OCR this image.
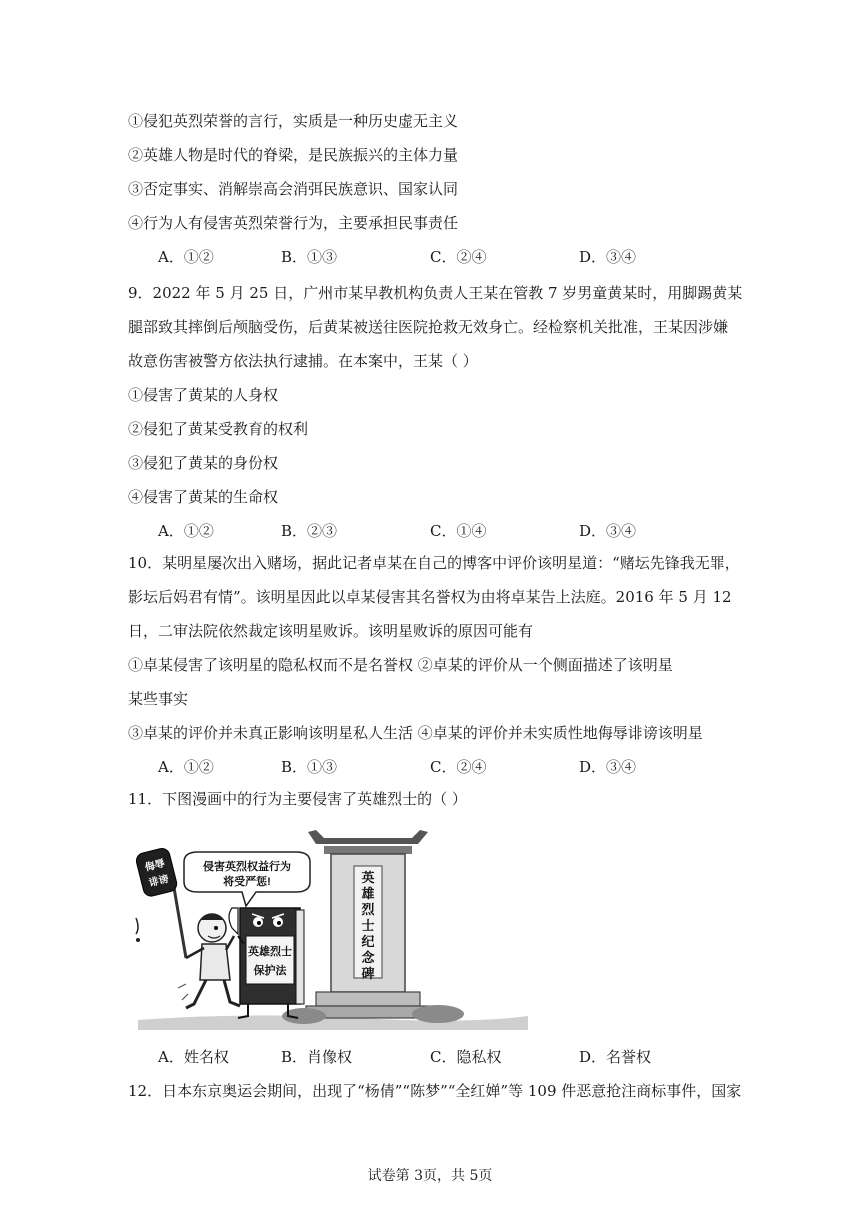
①侵犯英烈荣誉的言行，实质是一种历史虚无主义
②英雄人物是时代的脊梁，是民族振兴的主体力量
③否定事实、消解崇高会消弭民族意识、国家认同
④行为人有侵害英烈荣誉行为，主要承担民事责任
A．①②	B．①③	C．②④	D．③④
9．2022 年 5 月 25 日，广州市某早教机构负责人王某在管教 7 岁男童黄某时，用脚踢黄某
腿部致其摔倒后颅脑受伤，后黄某被送往医院抢救无效身亡。经检察机关批准，王某因涉嫌
故意伤害被警方依法执行逮捕。在本案中，王某（ ）
①侵害了黄某的人身权
②侵犯了黄某受教育的权利
③侵犯了黄某的身份权
④侵害了黄某的生命权
A．①②	B．②③	C．①④	D．③④
10．某明星屡次出入赌场，据此记者卓某在自己的博客中评价该明星道：“赌坛先锋我无罪，
影坛后妈君有情”。该明星因此以卓某侵害其名誉权为由将卓某告上法庭。2016 年 5 月 12
日，二审法院依然裁定该明星败诉。该明星败诉的原因可能有
①卓某侵害了该明星的隐私权而不是名誉权 ②卓某的评价从一个侧面描述了该明星
某些事实
③卓某的评价并未真正影响该明星私人生活 ④卓某的评价并未实质性地侮辱诽谤该明星
A．①②	B．①③	C．②④	D．③④
11．下图漫画中的行为主要侵害了英雄烈士的（ ）
英
雄
烈
士
纪
念
碑
侵害英烈权益行为
将受严惩!
英雄烈士
保护法
侮辱
诽谤
A．姓名权	B．肖像权	C．隐私权	D．名誉权
12．日本东京奥运会期间，出现了“杨倩”“陈梦”“全红婵”等 109 件恶意抢注商标事件，国家
试卷第 3页，共 5页
